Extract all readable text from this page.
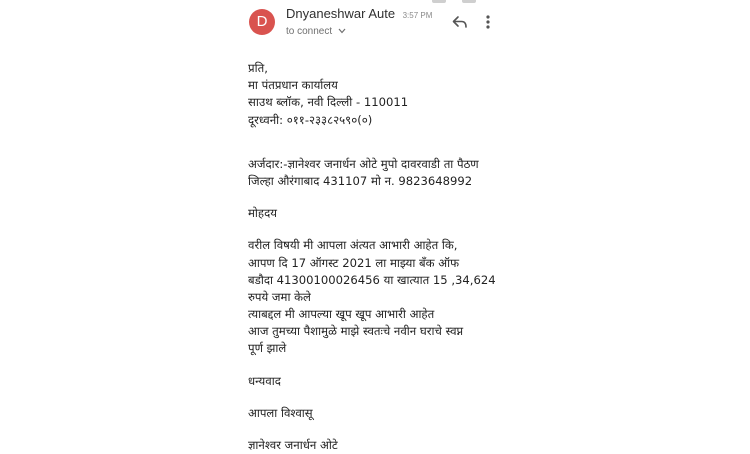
D	Dnyaneshwar Aute 3:57 PM
to connect
प्रति,
मा पंतप्रधान कार्यालय
साउथ ब्लॉक, नवी दिल्ली - 110011
दूरध्वनी: ०११-२३३८२५९०(०)
अर्जदार:-ज्ञानेश्वर जनार्धन ओटे मुपो दावरवाडी ता पैठण
जिल्हा औरंगाबाद 431107 मो न. 9823648992
मोहदय
वरील विषयी मी आपला अंत्यत आभारी आहेत कि,
आपण दि 17 ऑगस्ट 2021 ला माझ्या बँक ऑफ
बडौदा 41300100026456 या खात्यात 15 ,34,624
रुपये जमा केले
त्याबद्दल मी आपल्या खूप खूप आभारी आहेत
आज तुमच्या पैशामुळे माझे स्वतःचे नवीन घराचे स्वप्न
पूर्ण झाले
धन्यवाद
आपला विश्वासू
ज्ञानेश्वर जनार्धन ओटे
